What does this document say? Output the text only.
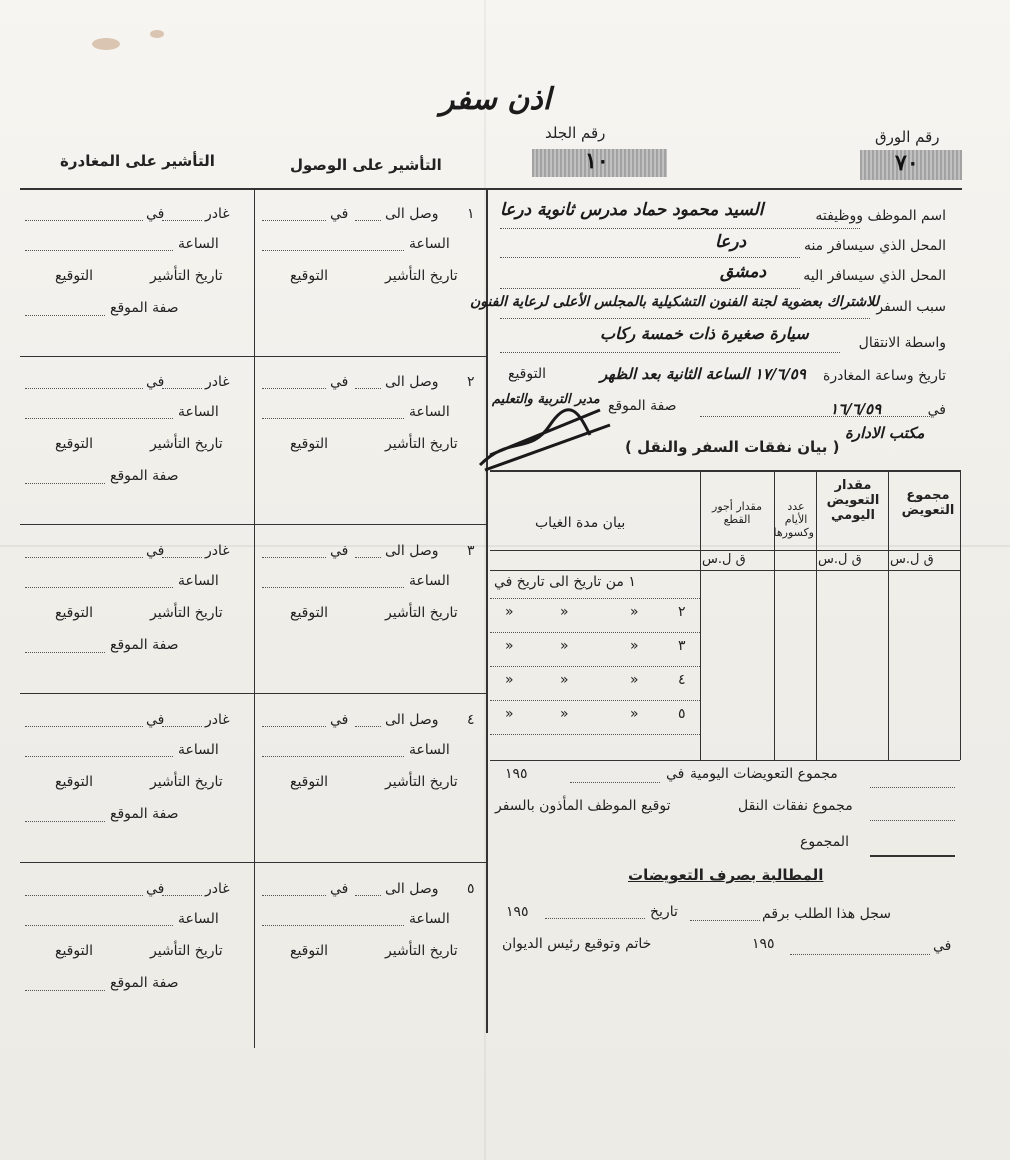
اذن سفر
رقم الجلد
١٠
رقم الورق
٧٠
التأشير على الوصول
التأشير على المغادرة
اسم الموظف ووظيفته
السيد محمود حماد مدرس ثانوية درعا
المحل الذي سيسافر منه
درعا
المحل الذي سيسافر اليه
دمشق
سبب السفر
للاشتراك بعضوية لجنة الفنون التشكيلية بالمجلس الأعلى لرعاية الفنون
واسطة الانتقال
سيارة صغيرة ذات خمسة ركاب
تاريخ وساعة المغادرة
التوقيع	١٧/٦/٥٩ الساعة الثانية بعد الظهر
في
١٦/٦/٥٩
صفة الموقع
مدير التربية والتعليم
مكتب الادارة
( بيان نفقات السفر والنقل )
مجموع التعويض
مقدار التعويض اليومي
عدد الأيام وكسورها
مقدار أجور القطع
بيان مدة الغياب
ق ل.س
ق ل.س
ق ل.س
١ من تاريخ الى تاريخ في
٢
٣
٤
٥
«
«
«
«
«
«
«
«
«
«
«
«
مجموع التعويضات اليومية
في
١٩٥
مجموع نفقات النقل
توقيع الموظف المأذون بالسفر
المجموع
المطالبة بصرف التعويضات
سجل هذا الطلب برقم
تاريخ
١٩٥
في
١٩٥
خاتم وتوقيع رئيس الديوان
١
وصل الى
في
الساعة
تاريخ التأشير
التوقيع
غادر
في
الساعة
تاريخ التأشير
التوقيع
صفة الموقع
٢
وصل الى
في
الساعة
تاريخ التأشير
التوقيع
غادر
في
الساعة
تاريخ التأشير
التوقيع
صفة الموقع
٣
وصل الى
في
الساعة
تاريخ التأشير
التوقيع
غادر
في
الساعة
تاريخ التأشير
التوقيع
صفة الموقع
٤
وصل الى
في
الساعة
تاريخ التأشير
التوقيع
غادر
في
الساعة
تاريخ التأشير
التوقيع
صفة الموقع
٥
وصل الى
في
الساعة
تاريخ التأشير
التوقيع
غادر
في
الساعة
تاريخ التأشير
التوقيع
صفة الموقع
